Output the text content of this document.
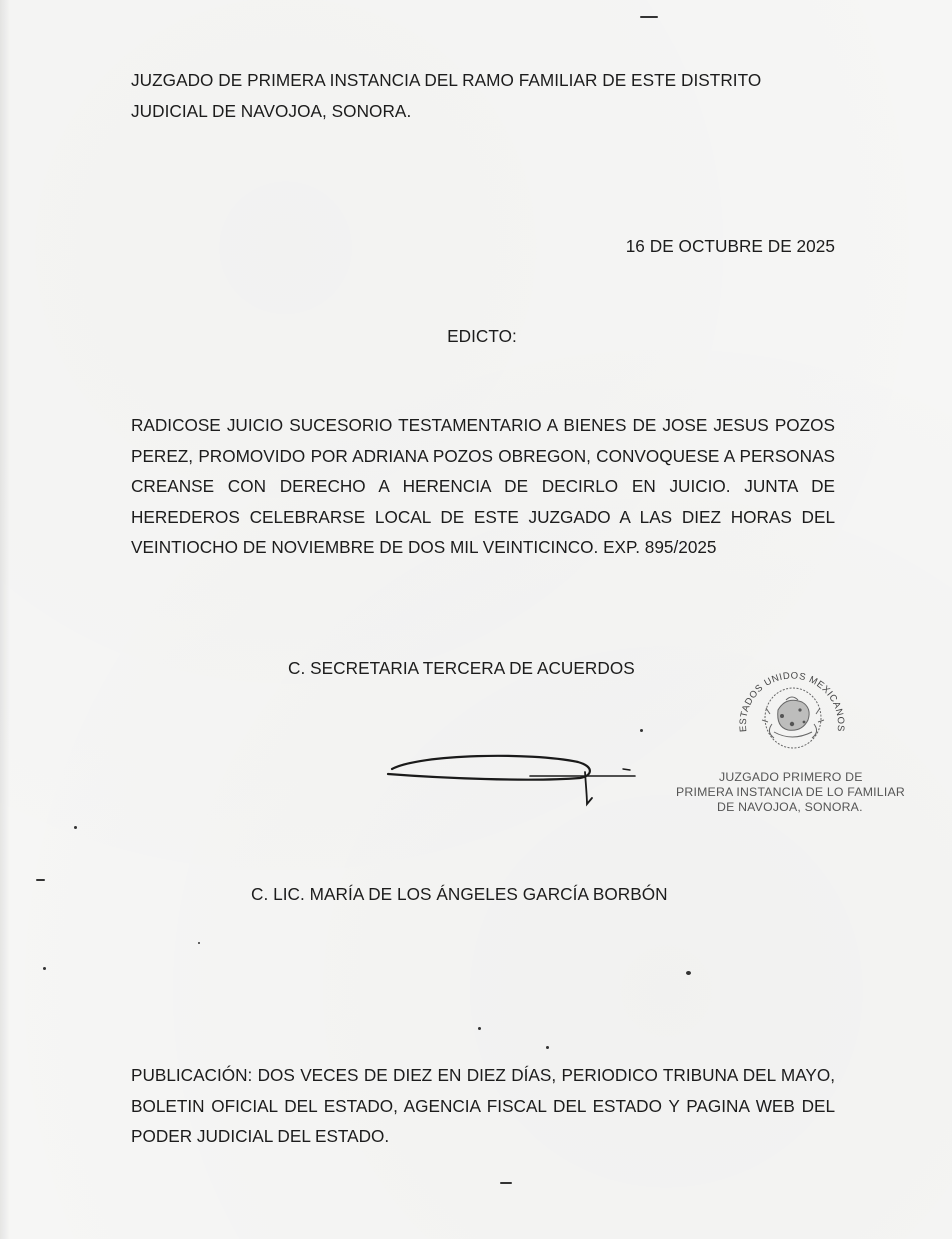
JUZGADO DE PRIMERA INSTANCIA DEL RAMO FAMILIAR DE ESTE DISTRITO JUDICIAL DE NAVOJOA, SONORA.
16 DE OCTUBRE DE 2025
EDICTO:
RADICOSE JUICIO SUCESORIO TESTAMENTARIO A BIENES DE JOSE JESUS POZOS PEREZ, PROMOVIDO POR ADRIANA POZOS OBREGON, CONVOQUESE A PERSONAS CREANSE CON DERECHO A HERENCIA DE DECIRLO EN JUICIO. JUNTA DE HEREDEROS CELEBRARSE LOCAL DE ESTE JUZGADO A LAS DIEZ HORAS DEL VEINTIOCHO DE NOVIEMBRE DE DOS MIL VEINTICINCO. EXP. 895/2025
C. SECRETARIA TERCERA DE ACUERDOS
ESTADOS UNIDOS MEXICANOS
JUZGADO PRIMERO DE
PRIMERA INSTANCIA DE LO FAMILIAR
DE NAVOJOA, SONORA.
C. LIC. MARÍA DE LOS ÁNGELES GARCÍA BORBÓN
PUBLICACIÓN: DOS VECES DE DIEZ EN DIEZ DÍAS, PERIODICO TRIBUNA DEL MAYO, BOLETIN OFICIAL DEL ESTADO, AGENCIA FISCAL DEL ESTADO Y PAGINA WEB DEL PODER JUDICIAL DEL ESTADO.
